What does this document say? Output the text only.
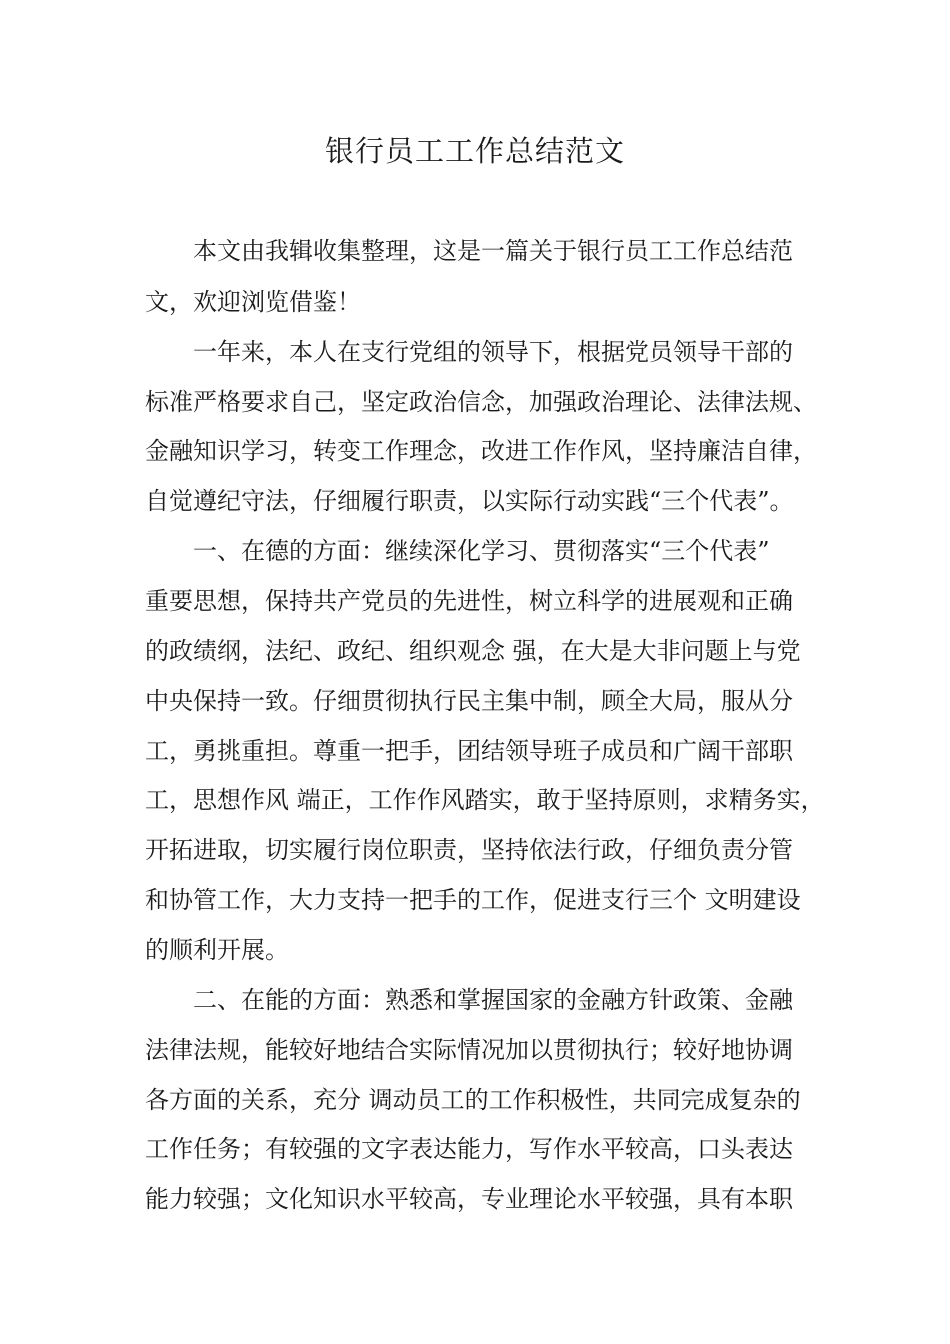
银行员工工作总结范文
本文由我辑收集整理，这是一篇关于银行员工工作总结范
文，欢迎浏览借鉴！
一年来，本人在支行党组的领导下，根据党员领导干部的
标准严格要求自己，坚定政治信念，加强政治理论、法律法规、
金融知识学习，转变工作理念，改进工作作风，坚持廉洁自律，
自觉遵纪守法，仔细履行职责，以实际行动实践“三个代表”。
一、在德的方面：继续深化学习、贯彻落实“三个代表”
重要思想，保持共产党员的先进性，树立科学的进展观和正确
的政绩纲，法纪、政纪、组织观念 强，在大是大非问题上与党
中央保持一致。仔细贯彻执行民主集中制，顾全大局，服从分
工，勇挑重担。尊重一把手，团结领导班子成员和广阔干部职
工，思想作风 端正，工作作风踏实，敢于坚持原则，求精务实，
开拓进取，切实履行岗位职责，坚持依法行政，仔细负责分管
和协管工作，大力支持一把手的工作，促进支行三个 文明建设
的顺利开展。
二、在能的方面：熟悉和掌握国家的金融方针政策、金融
法律法规，能较好地结合实际情况加以贯彻执行；较好地协调
各方面的关系，充分 调动员工的工作积极性，共同完成复杂的
工作任务；有较强的文字表达能力，写作水平较高，口头表达
能力较强；文化知识水平较高，专业理论水平较强，具有本职
